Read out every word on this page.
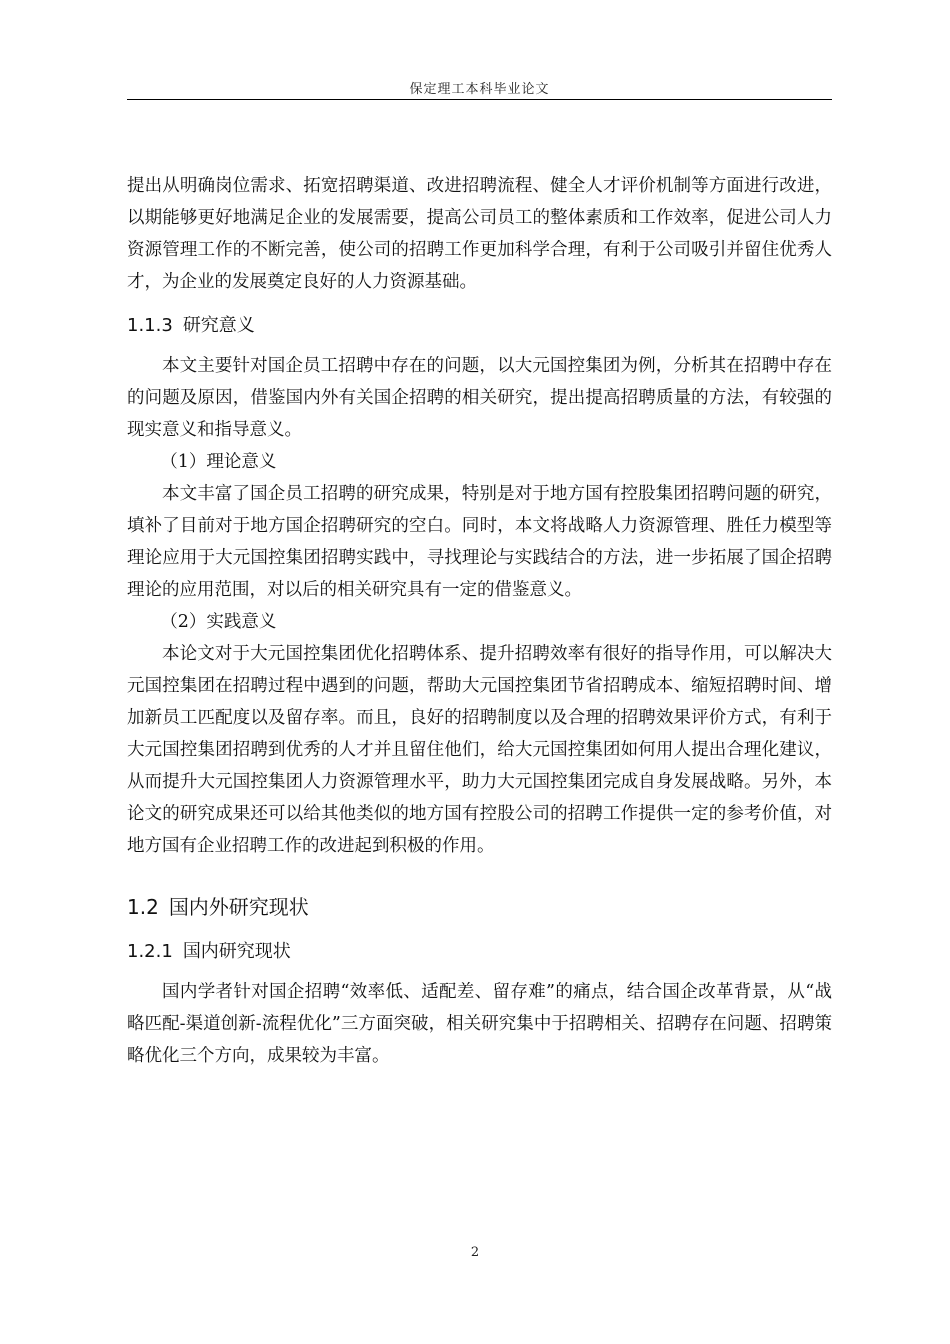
保定理工本科毕业论文

提出从明确岗位需求、拓宽招聘渠道、改进招聘流程、健全人才评价机制等方面进行改进，以期能够更好地满足企业的发展需要，提高公司员工的整体素质和工作效率，促进公司人力资源管理工作的不断完善，使公司的招聘工作更加科学合理，有利于公司吸引并留住优秀人才，为企业的发展奠定良好的人力资源基础。

1.1.3 研究意义

本文主要针对国企员工招聘中存在的问题，以大元国控集团为例，分析其在招聘中存在的问题及原因，借鉴国内外有关国企招聘的相关研究，提出提高招聘质量的方法，有较强的现实意义和指导意义。

（1）理论意义

本文丰富了国企员工招聘的研究成果，特别是对于地方国有控股集团招聘问题的研究，填补了目前对于地方国企招聘研究的空白。同时，本文将战略人力资源管理、胜任力模型等理论应用于大元国控集团招聘实践中，寻找理论与实践结合的方法，进一步拓展了国企招聘理论的应用范围，对以后的相关研究具有一定的借鉴意义。

（2）实践意义

本论文对于大元国控集团优化招聘体系、提升招聘效率有很好的指导作用，可以解决大元国控集团在招聘过程中遇到的问题，帮助大元国控集团节省招聘成本、缩短招聘时间、增加新员工匹配度以及留存率。而且，良好的招聘制度以及合理的招聘效果评价方式，有利于大元国控集团招聘到优秀的人才并且留住他们，给大元国控集团如何用人提出合理化建议，从而提升大元国控集团人力资源管理水平，助力大元国控集团完成自身发展战略。另外，本论文的研究成果还可以给其他类似的地方国有控股公司的招聘工作提供一定的参考价值，对地方国有企业招聘工作的改进起到积极的作用。

1.2 国内外研究现状
1.2.1 国内研究现状

国内学者针对国企招聘“效率低、适配差、留存难”的痛点，结合国企改革背景，从“战略匹配-渠道创新-流程优化”三方面突破，相关研究集中于招聘相关、招聘存在问题、招聘策略优化三个方向，成果较为丰富。

2
